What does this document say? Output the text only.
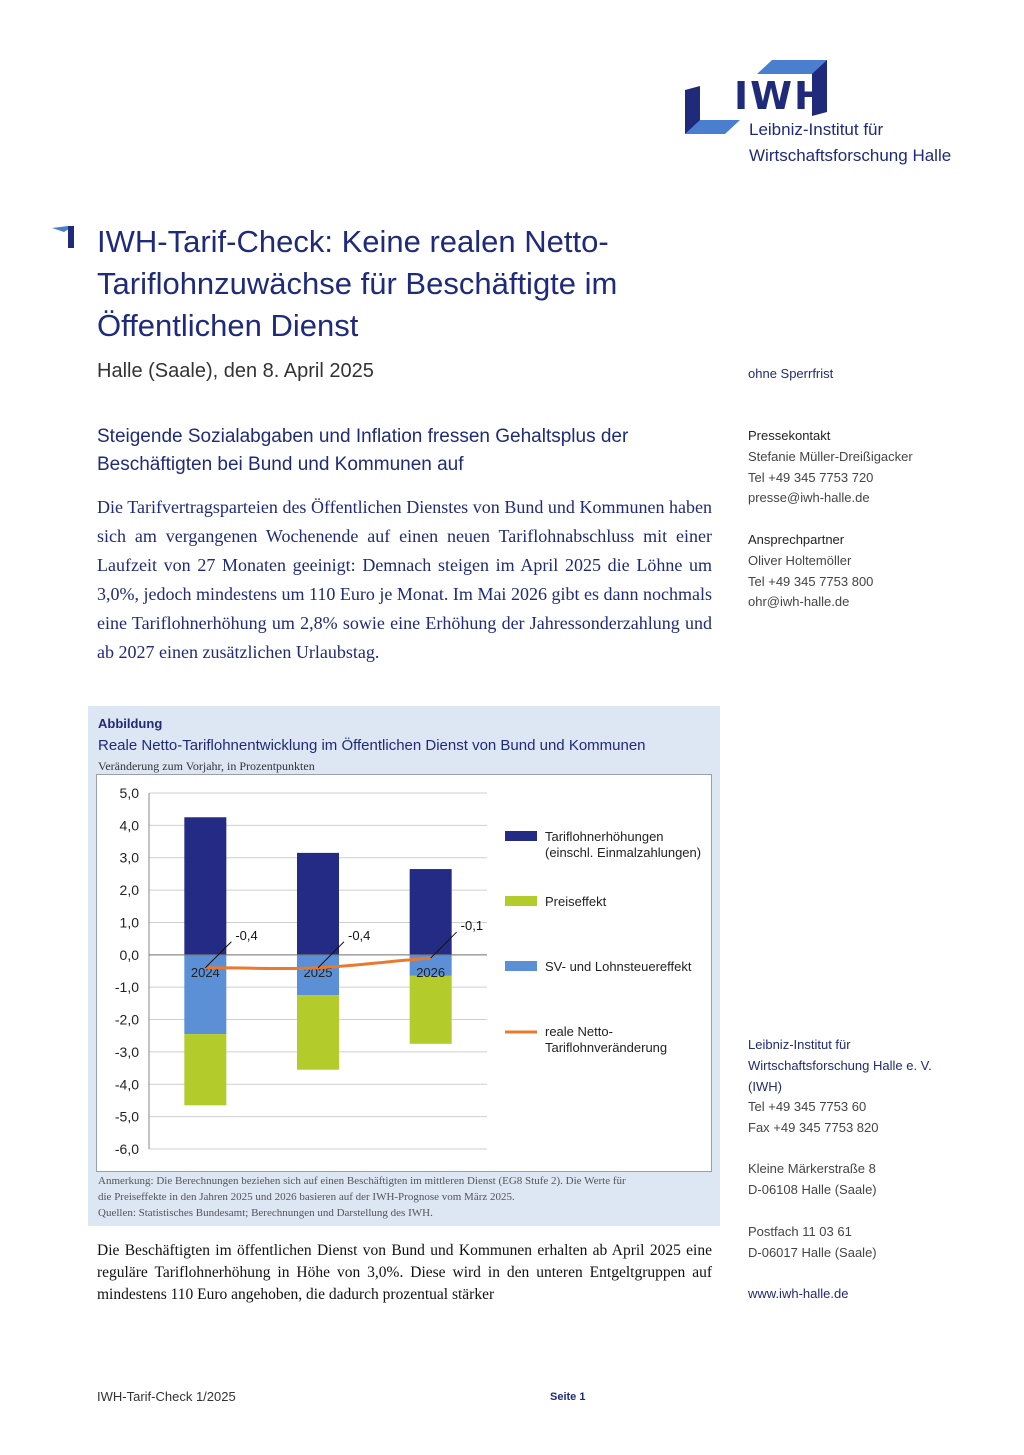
IWH
Leibniz-Institut für
Wirtschaftsforschung Halle
IWH-Tarif-Check: Keine realen Netto-Tariflohnzuwächse für Beschäftigte im Öffentlichen Dienst
Halle (Saale), den 8. April 2025	ohne Sperrfrist
Steigende Sozialabgaben und Inflation fressen Gehaltsplus der Beschäftigten bei Bund und Kommunen auf

Die Tarifvertragsparteien des Öffentlichen Dienstes von Bund und Kommunen haben sich am vergangenen Wochenende auf einen neuen Tariflohnabschluss mit einer Laufzeit von 27 Monaten geeinigt: Demnach steigen im April 2025 die Löhne um 3,0%, jedoch mindestens um 110 Euro je Monat. Im Mai 2026 gibt es dann nochmals eine Tariflohnerhöhung um 2,8% sowie eine Erhöhung der Jahressonderzahlung und ab 2027 einen zusätzlichen Urlaubstag.

Pressekontakt
Stefanie Müller-Dreißigacker
Tel +49 345 7753 720
presse@iwh-halle.de
Ansprechpartner
Oliver Holtemöller
Tel +49 345 7753 800
ohr@iwh-halle.de
Leibniz-Institut für
Wirtschaftsforschung Halle e. V.
(IWH)
Tel +49 345 7753 60
Fax +49 345 7753 820
Kleine Märkerstraße 8
D-06108 Halle (Saale)
Postfach 11 03 61
D-06017 Halle (Saale)
www.iwh-halle.de
Abbildung
Reale Netto-Tariflohnentwicklung im Öffentlichen Dienst von Bund und Kommunen
Veränderung zum Vorjahr, in Prozentpunkten
5,0
4,0
3,0
2,0
1,0
0,0
-1,0
-2,0
-3,0
-4,0
-5,0
-6,0
2024	2025	2026
-0,4	-0,4
-0,1
Tariflohnerhöhungen
(einschl. Einmalzahlungen)
Preiseffekt
SV- und Lohnsteuereffekt
reale Netto-
Tariflohnveränderung
Anmerkung: Die Berechnungen beziehen sich auf einen Beschäftigten im mittleren Dienst (EG8 Stufe 2). Die Werte für
die Preiseffekte in den Jahren 2025 und 2026 basieren auf der IWH-Prognose vom März 2025.
Quellen: Statistisches Bundesamt; Berechnungen und Darstellung des IWH.

Die Beschäftigten im öffentlichen Dienst von Bund und Kommunen erhalten ab April 2025 eine reguläre Tariflohnerhöhung in Höhe von 3,0%. Diese wird in den unteren Entgeltgruppen auf mindestens 110 Euro angehoben, die dadurch prozentual stärker

IWH-Tarif-Check 1/2025	Seite 1
